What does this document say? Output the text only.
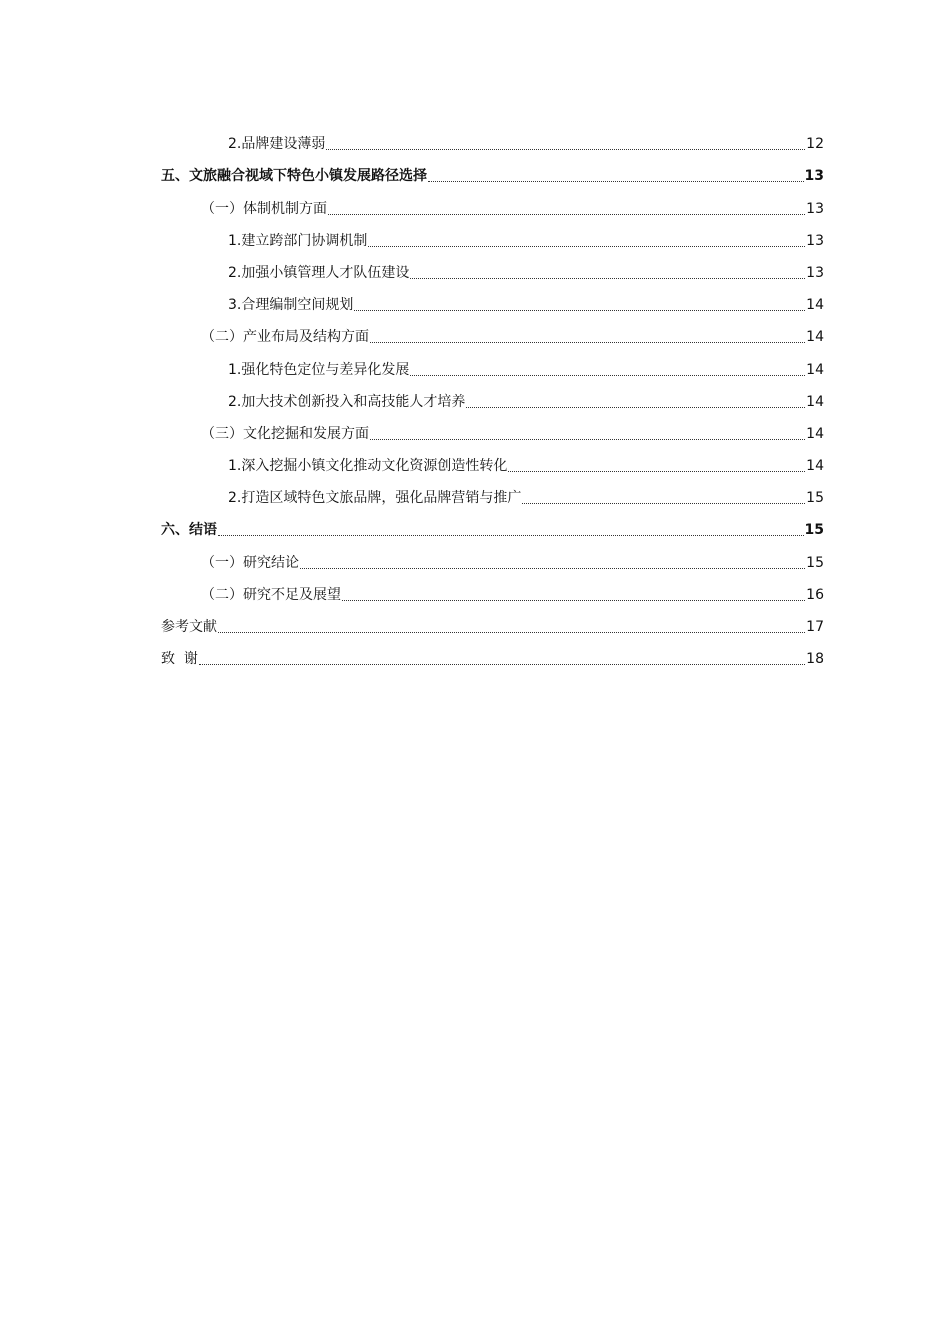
2.品牌建设薄弱	12
五、文旅融合视域下特色小镇发展路径选择	13
（一）体制机制方面	13
1.建立跨部门协调机制	13
2.加强小镇管理人才队伍建设	13
3.合理编制空间规划	14
（二）产业布局及结构方面	14
1.强化特色定位与差异化发展	14
2.加大技术创新投入和高技能人才培养	14
（三）文化挖掘和发展方面	14
1.深入挖掘小镇文化推动文化资源创造性转化	14
2.打造区域特色文旅品牌，强化品牌营销与推广	15
六、结语	15
（一）研究结论	15
（二）研究不足及展望	16
参考文献	17
致  谢	18
